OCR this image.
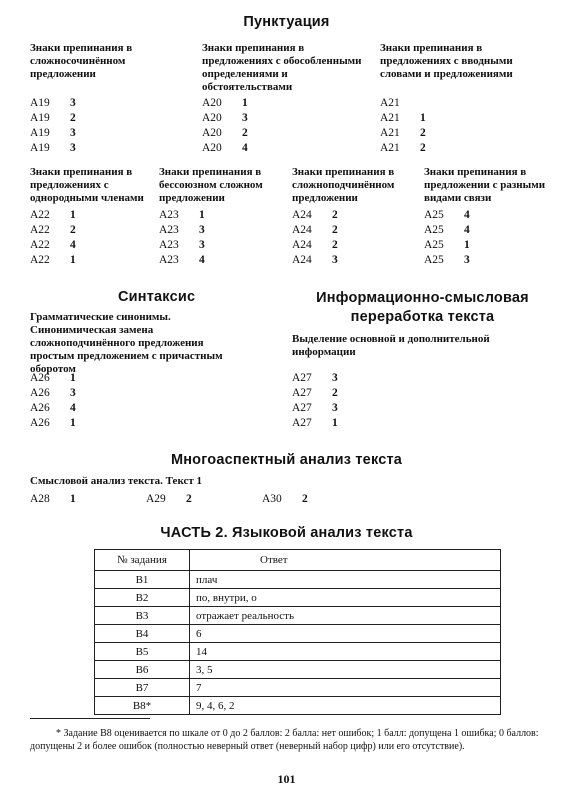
Пунктуация
Знаки препинания в сложносочинённом предложении
А19	3
А19	2
А19	3
А19	3
Знаки препинания в предложениях с обособленными определениями и обстоятельствами
А20	1
А20	3
А20	2
А20	4
Знаки препинания в предложениях с вводными словами и предложениями
А21
А21	1
А21	2
А21	2
Знаки препинания в предложениях с однородными членами
А22	1
А22	2
А22	4
А22	1
Знаки препинания в бессоюзном сложном предложении
А23	1
А23	3
А23	3
А23	4
Знаки препинания в сложноподчинённом предложении
А24	2
А24	2
А24	2
А24	3
Знаки препинания в предложении с разными видами связи
А25	4
А25	4
А25	1
А25	3
Синтаксис
Грамматические синонимы. Синонимическая замена сложноподчинённого предложения простым предложением с причастным оборотом
А26	1
А26	3
А26	4
А26	1
Информационно-смысловая
переработка текста
Выделение основной и дополнительной информации
А27	3
А27	2
А27	3
А27	1
Многоаспектный анализ текста
Смысловой анализ текста. Текст 1
А28	1	А29	2	А30	2
ЧАСТЬ 2. Языковой анализ текста
№ задания	Ответ
В1	плач
В2	по, внутри, о
В3	отражает реальность
В4	6
В5	14
В6	3, 5
В7	7
В8*	9, 4, 6, 2
* Задание В8 оценивается по шкале от 0 до 2 баллов: 2 балла: нет ошибок; 1 балл: допущена 1 ошибка; 0 баллов: допущены 2 и более ошибок (полностью неверный ответ (неверный набор цифр) или его отсутствие).
101
